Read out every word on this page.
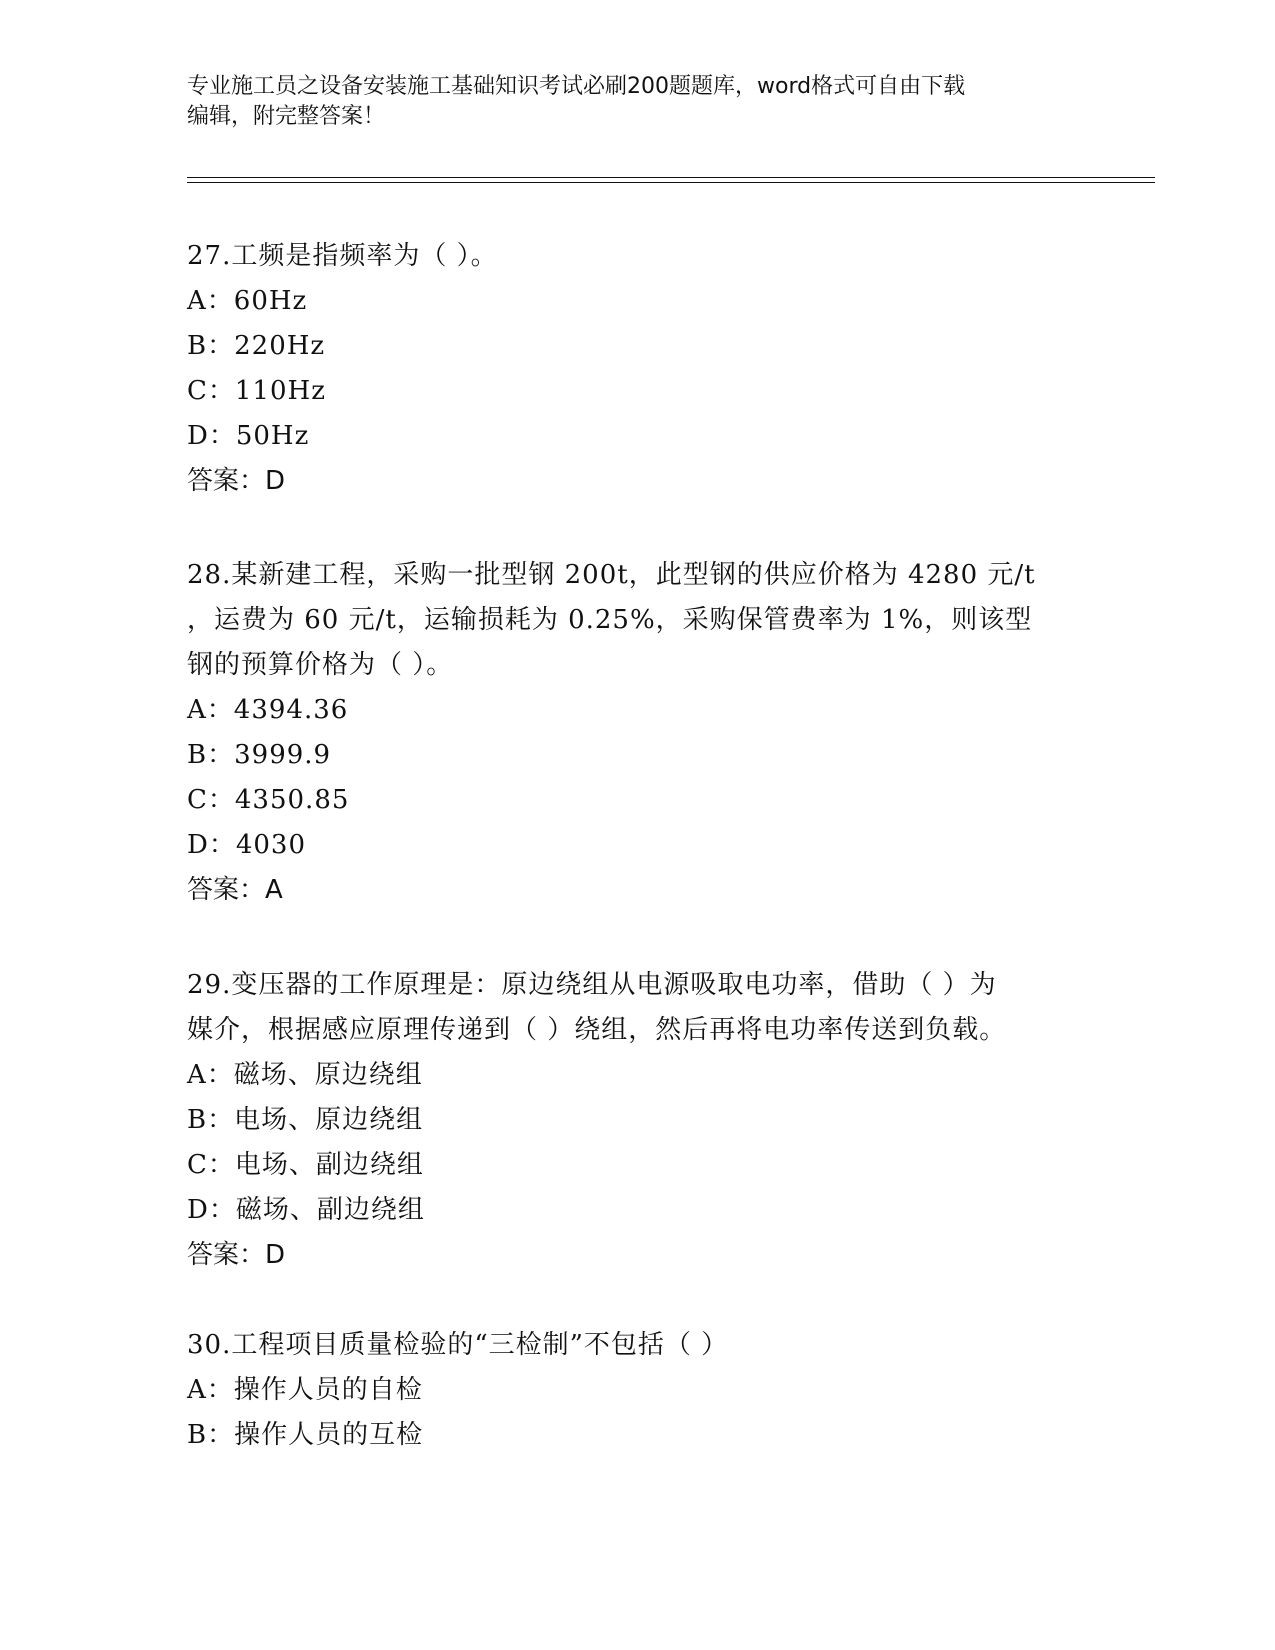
专业施工员之设备安装施工基础知识考试必刷200题题库，word格式可自由下载
编辑，附完整答案！
27.工频是指频率为（ ）。
A：60Hz
B：220Hz
C：110Hz
D：50Hz
答案：D
28.某新建工程，采购一批型钢 200t，此型钢的供应价格为 4280 元/t
，运费为 60 元/t，运输损耗为 0.25%，采购保管费率为 1%，则该型
钢的预算价格为（ ）。
A：4394.36
B：3999.9
C：4350.85
D：4030
答案：A
29.变压器的工作原理是：原边绕组从电源吸取电功率，借助（ ）为
媒介，根据感应原理传递到（ ）绕组，然后再将电功率传送到负载。
A：磁场、原边绕组
B：电场、原边绕组
C：电场、副边绕组
D：磁场、副边绕组
答案：D
30.工程项目质量检验的“三检制”不包括（ ）
A：操作人员的自检
B：操作人员的互检
